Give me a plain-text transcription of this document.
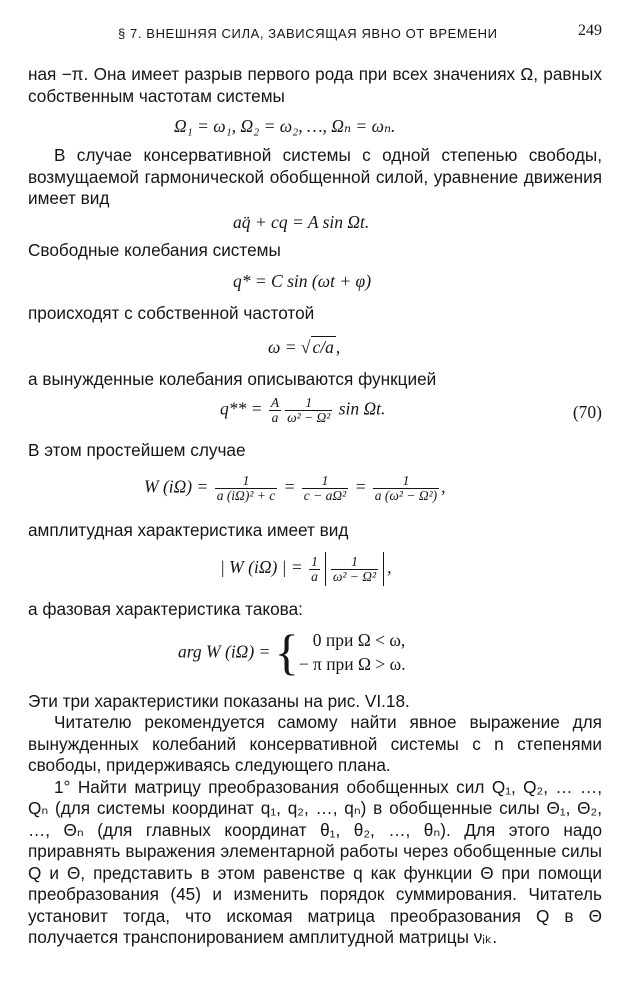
§ 7. ВНЕШНЯЯ СИЛА, ЗАВИСЯЩАЯ ЯВНО ОТ ВРЕМЕНИ	249

ная −π. Она имеет разрыв первого рода при всех значениях Ω, равных собственным частотам системы

Ω₁ = ω₁, Ω₂ = ω₂, …, Ωₙ = ωₙ.

В случае консервативной системы с одной степенью свободы, возмущаемой гармонической обобщенной силой, уравнение движения имеет вид

aq̈ + cq = A sin Ωt.

Свободные колебания системы

q* = C sin (ωt + φ)

происходят с собственной частотой

ω = √ c/a ,

а вынужденные колебания описываются функцией

$q** = \frac{A}{a} \frac{1}{\text{ω² − Ω²}}$ sin Ωt.	(70)

В этом простейшем случае

W $(i\Omega) = \frac{1}{\text{a (iΩ)² + c}} = \frac{1}{\text{c − aΩ²}} = \frac{1}{\text{a (ω² − Ω²)}}$ ,

амплитудная характеристика имеет вид

| W (iΩ) | = $\frac{1}{a} \frac{1}{\text{ω² − Ω²}}$ ,

а фазовая характеристика такова:

arg W (iΩ) = { 0 при Ω < ω,
− π при Ω > ω.

Эти три характеристики показаны на рис. VI.18.

Читателю рекомендуется самому найти явное выражение для вынужденных колебаний консервативной системы с n степенями свободы, придерживаясь следующего плана.

1° Найти матрицу преобразования обобщенных сил Q₁, Q₂, … …, Qₙ (для системы координат q₁, q₂, …, qₙ) в обобщенные силы Θ₁, Θ₂, …, Θₙ (для главных координат θ₁, θ₂, …, θₙ). Для этого надо приравнять выражения элементарной работы через обобщенные силы Q и Θ, представить в этом равенстве q как функции Θ при помощи преобразования (45) и изменить порядок суммирования. Читатель установит тогда, что искомая матрица преобразования Q в Θ получается транспонированием амплитудной матрицы νᵢₖ.
